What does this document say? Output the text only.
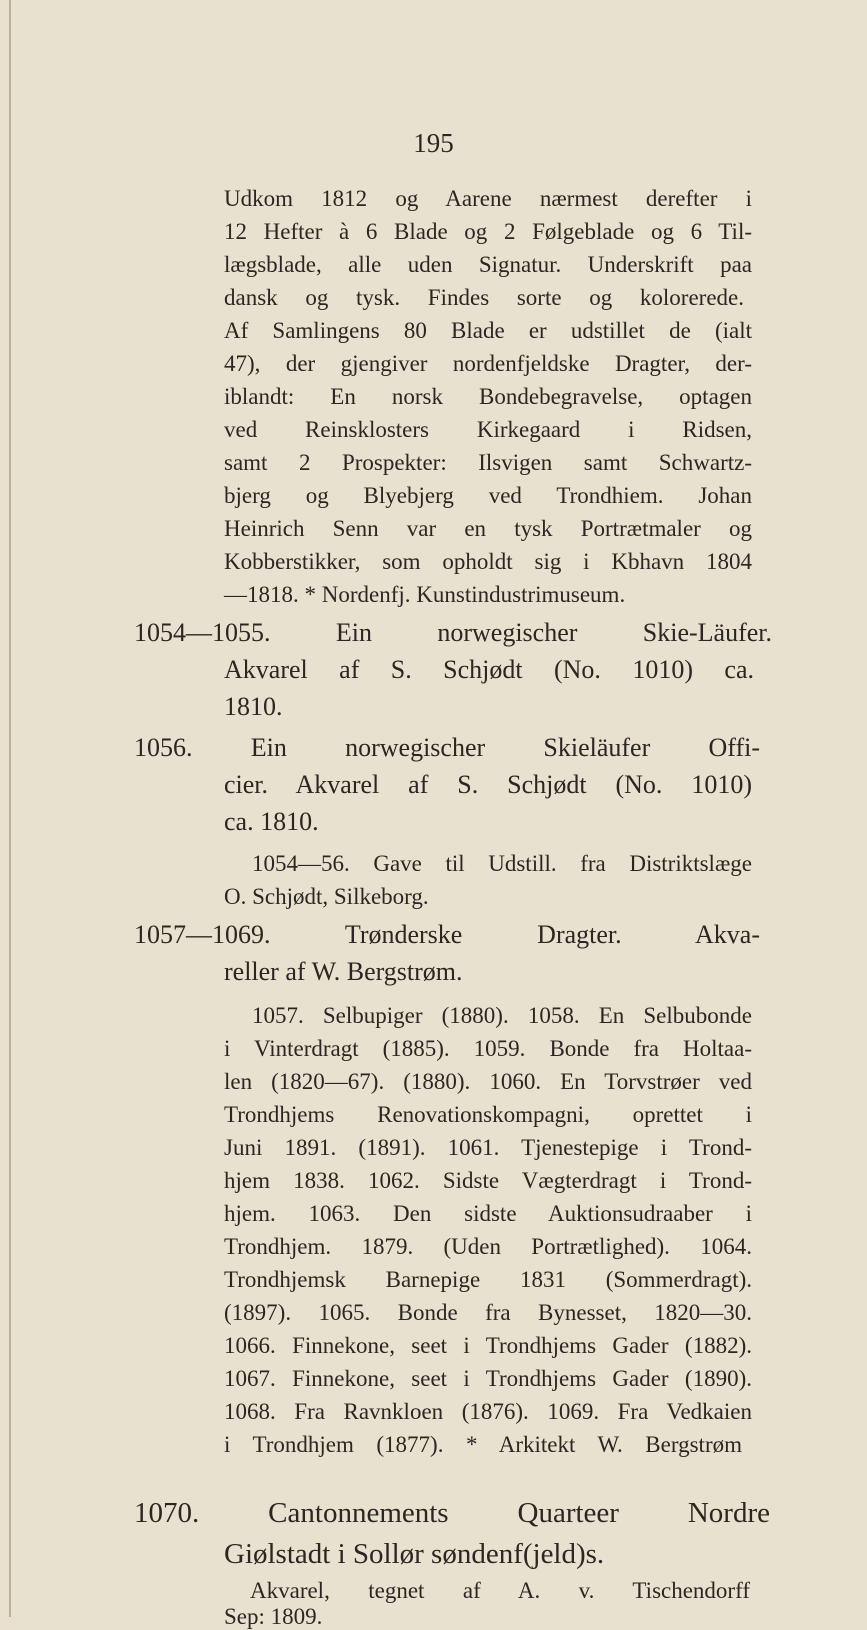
195
Udkom 1812 og Aarene nærmest derefter i
12 Hefter à 6 Blade og 2 Følgeblade og 6 Til-
lægsblade, alle uden Signatur. Underskrift paa
dansk og tysk. Findes sorte og kolorerede.
Af Samlingens 80 Blade er udstillet de (ialt
47), der gjengiver nordenfjeldske Dragter, der-
iblandt: En norsk Bondebegravelse, optagen
ved Reinsklosters Kirkegaard i Ridsen,
samt 2 Prospekter: Ilsvigen samt Schwartz-
bjerg og Blyebjerg ved Trondhiem. Johan
Heinrich Senn var en tysk Portrætmaler og
Kobberstikker, som opholdt sig i Kbhavn 1804
—1818. * Nordenfj. Kunstindustrimuseum.
1054—1055. Ein norwegischer Skie-Läufer.
Akvarel af S. Schjødt (No. 1010) ca.
1810.
1056. Ein norwegischer Skieläufer Offi-
cier. Akvarel af S. Schjødt (No. 1010)
ca. 1810.
1054—56. Gave til Udstill. fra Distriktslæge
O. Schjødt, Silkeborg.
1057—1069. Trønderske Dragter. Akva-
reller af W. Bergstrøm.
1057. Selbupiger (1880). 1058. En Selbubonde
i Vinterdragt (1885). 1059. Bonde fra Holtaa-
len (1820—67). (1880). 1060. En Torvstrøer ved
Trondhjems Renovationskompagni, oprettet i
Juni 1891. (1891). 1061. Tjenestepige i Trond-
hjem 1838. 1062. Sidste Vægterdragt i Trond-
hjem. 1063. Den sidste Auktionsudraaber i
Trondhjem. 1879. (Uden Portrætlighed). 1064.
Trondhjemsk Barnepige 1831 (Sommerdragt).
(1897). 1065. Bonde fra Bynesset, 1820—30.
1066. Finnekone, seet i Trondhjems Gader (1882).
1067. Finnekone, seet i Trondhjems Gader (1890).
1068. Fra Ravnkloen (1876). 1069. Fra Vedkaien
i Trondhjem (1877). * Arkitekt W. Bergstrøm
1070. Cantonnements Quarteer Nordre
Giølstadt i Sollør søndenf(jeld)s.
Akvarel, tegnet af A. v. Tischendorff
Sep: 1809.
